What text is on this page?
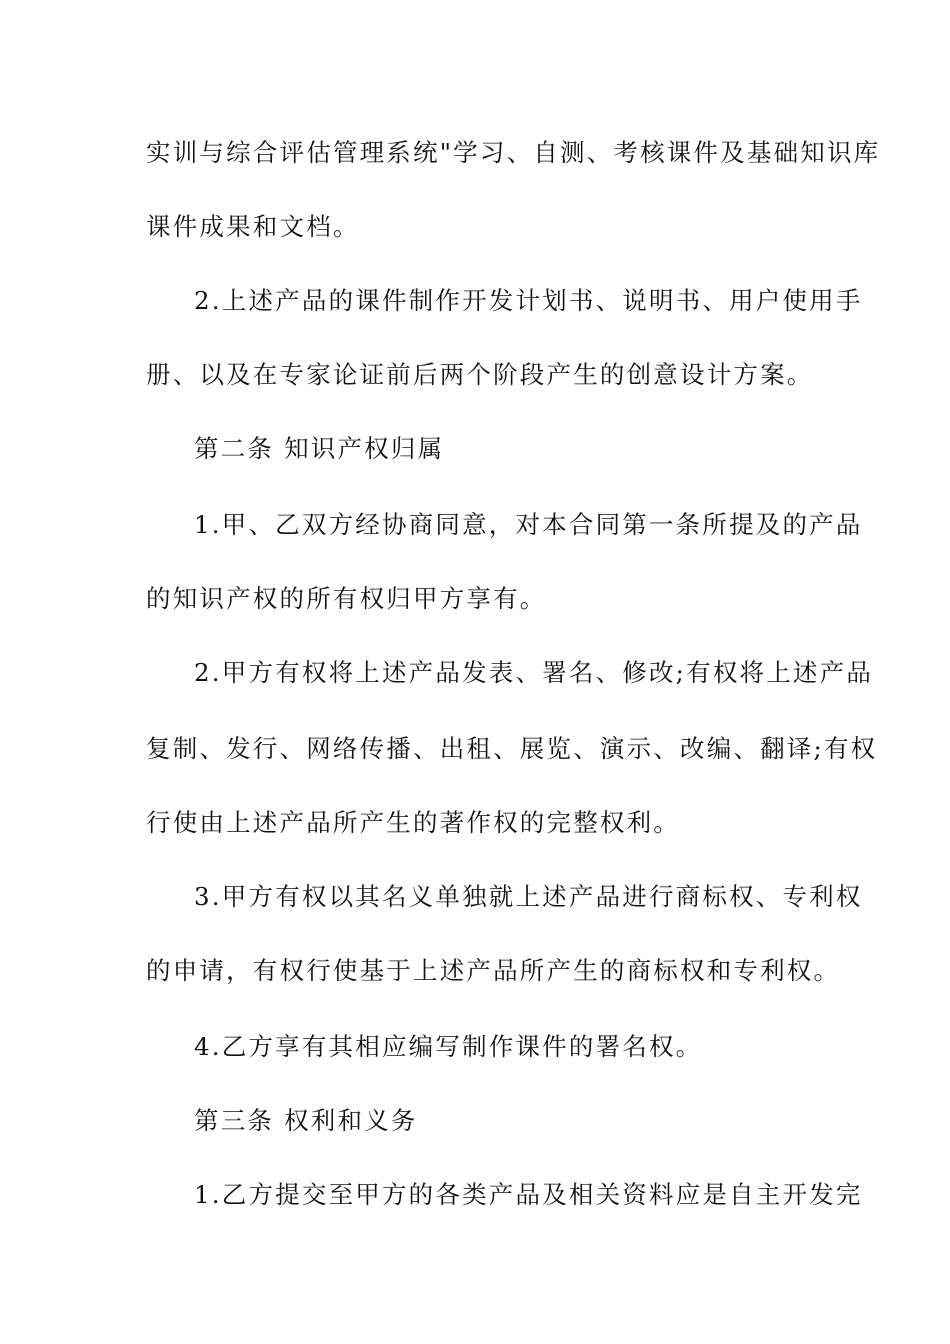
实训与综合评估管理系统"学习、自测、考核课件及基础知识库
课件成果和文档。
2.上述产品的课件制作开发计划书、说明书、用户使用手
册、以及在专家论证前后两个阶段产生的创意设计方案。
第二条 知识产权归属
1.甲、乙双方经协商同意，对本合同第一条所提及的产品
的知识产权的所有权归甲方享有。
2.甲方有权将上述产品发表、署名、修改;有权将上述产品
复制、发行、网络传播、出租、展览、演示、改编、翻译;有权
行使由上述产品所产生的著作权的完整权利。
3.甲方有权以其名义单独就上述产品进行商标权、专利权
的申请，有权行使基于上述产品所产生的商标权和专利权。
4.乙方享有其相应编写制作课件的署名权。
第三条 权利和义务
1.乙方提交至甲方的各类产品及相关资料应是自主开发完
